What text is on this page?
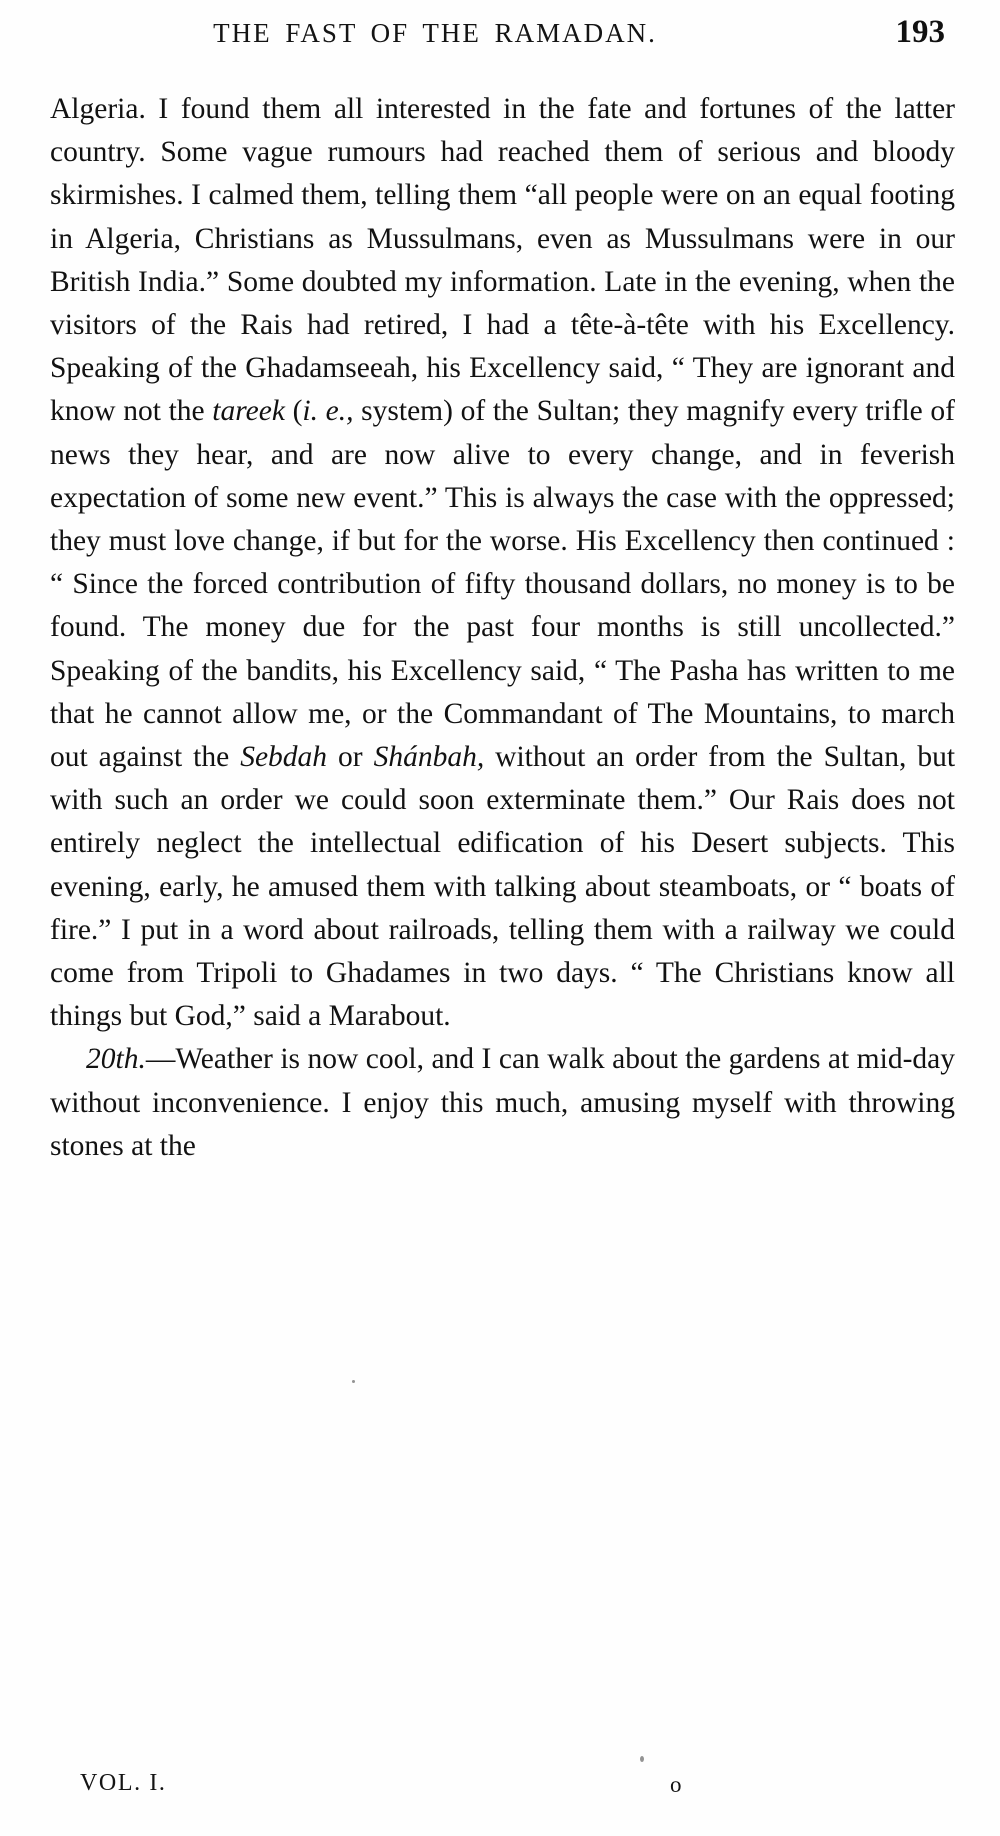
THE FAST OF THE RAMADAN.	193

Algeria. I found them all interested in the fate and fortunes of the latter country. Some vague rumours had reached them of serious and bloody skirmishes. I calmed them, telling them “all people were on an equal footing in Algeria, Christians as Mussulmans, even as Mussulmans were in our British India.” Some doubted my information. Late in the evening, when the visitors of the Rais had retired, I had a tête-à-tête with his Excellency. Speaking of the Ghadamseeah, his Excellency said, “ They are ignorant and know not the tareek (i. e., system) of the Sultan; they magnify every trifle of news they hear, and are now alive to every change, and in feverish expectation of some new event.” This is always the case with the oppressed; they must love change, if but for the worse. His Excellency then continued : “ Since the forced contribution of fifty thousand dollars, no money is to be found. The money due for the past four months is still uncollected.” Speaking of the bandits, his Excellency said, “ The Pasha has written to me that he cannot allow me, or the Commandant of The Mountains, to march out against the Sebdah or Shánbah, without an order from the Sultan, but with such an order we could soon exterminate them.” Our Rais does not entirely neglect the intellectual edification of his Desert subjects. This evening, early, he amused them with talking about steamboats, or “ boats of fire.” I put in a word about railroads, telling them with a railway we could come from Tripoli to Ghadames in two days. “ The Christians know all things but God,” said a Marabout.

20th.—Weather is now cool, and I can walk about the gardens at mid-day without inconvenience. I enjoy this much, amusing myself with throwing stones at the

VOL. I.	o
